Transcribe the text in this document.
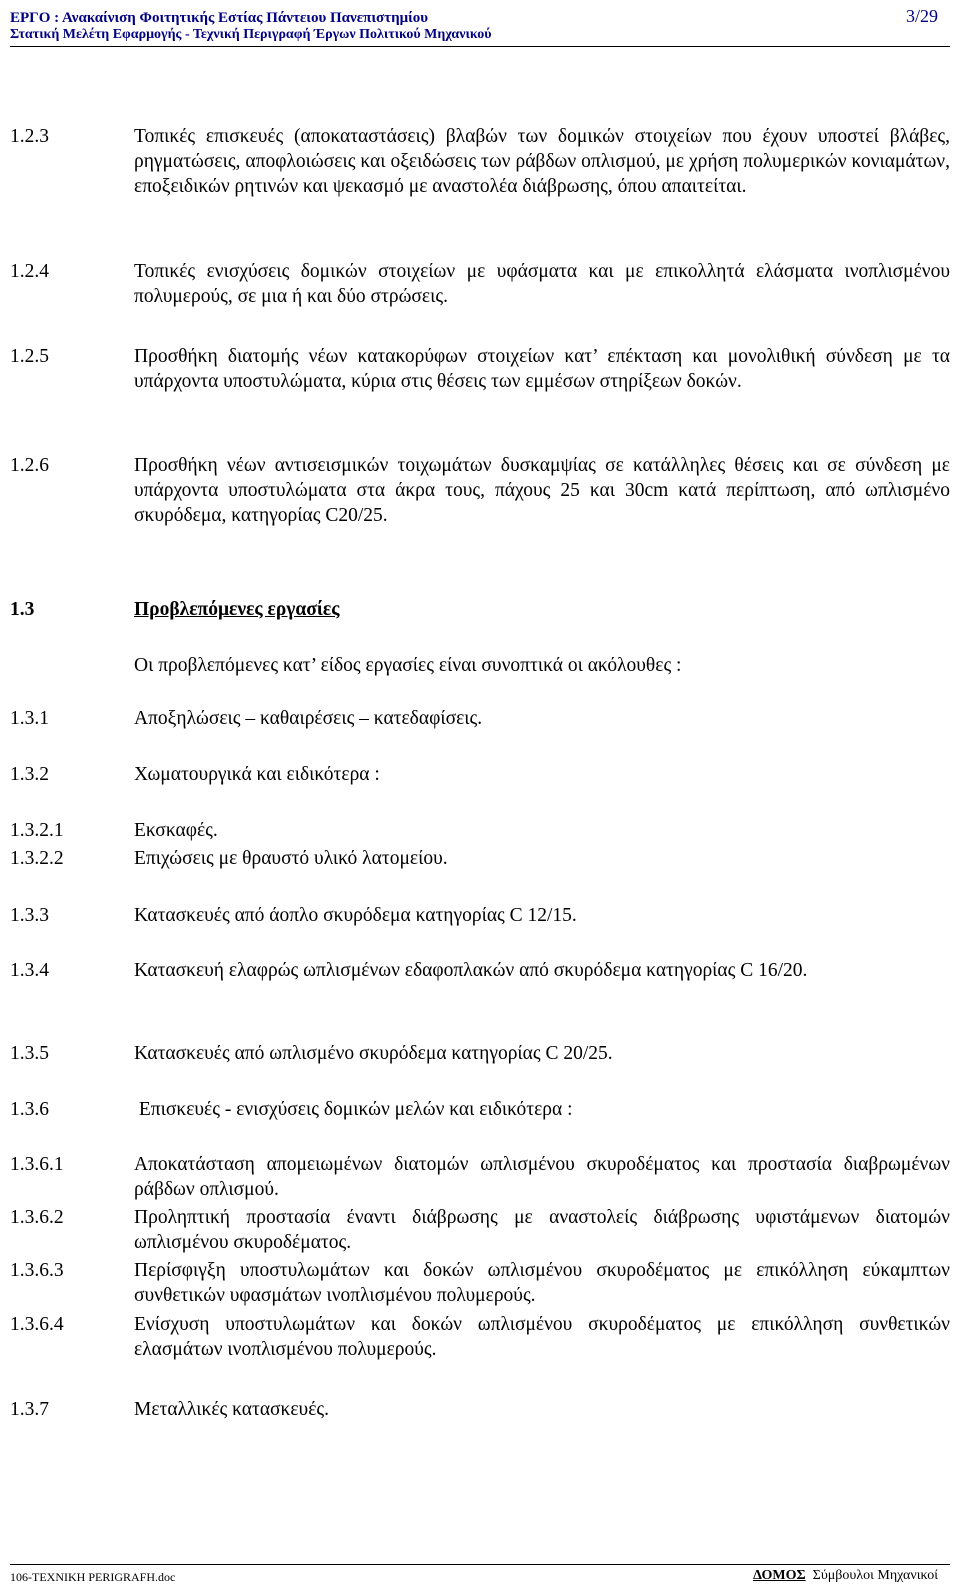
ΕΡΓΟ : Ανακαίνιση Φοιτητικής Εστίας Πάντειου Πανεπιστημίου	3/29
Στατική Μελέτη Εφαρμογής - Τεχνική Περιγραφή Έργων Πολιτικού Μηχανικού
1.2.3	Τοπικές επισκευές (αποκαταστάσεις) βλαβών των δομικών στοιχείων που έχουν υποστεί βλάβες, ρηγματώσεις, αποφλοιώσεις και οξειδώσεις των ράβδων οπλισμού, με χρήση πολυμερικών κονιαμάτων, εποξειδικών ρητινών και ψεκασμό με αναστολέα διάβρωσης, όπου απαιτείται.
1.2.4	Τοπικές ενισχύσεις δομικών στοιχείων με υφάσματα και με επικολλητά ελάσματα ινοπλισμένου πολυμερούς, σε μια ή και δύο στρώσεις.
1.2.5	Προσθήκη διατομής νέων κατακορύφων στοιχείων κατ’ επέκταση και μονολιθική σύνδεση με τα υπάρχοντα υποστυλώματα, κύρια στις θέσεις των εμμέσων στηρίξεων δοκών.
1.2.6	Προσθήκη νέων αντισεισμικών τοιχωμάτων δυσκαμψίας σε κατάλληλες θέσεις και σε σύνδεση με υπάρχοντα υποστυλώματα στα άκρα τους, πάχους 25 και 30cm κατά περίπτωση, από ωπλισμένο σκυρόδεμα, κατηγορίας C20/25.
1.3	Προβλεπόμενες εργασίες
Οι προβλεπόμενες κατ’ είδος εργασίες είναι συνοπτικά οι ακόλουθες :
1.3.1	Αποξηλώσεις – καθαιρέσεις – κατεδαφίσεις.
1.3.2	Χωματουργικά και ειδικότερα :
1.3.2.1	Εκσκαφές.
1.3.2.2	Επιχώσεις με θραυστό υλικό λατομείου.
1.3.3	Κατασκευές από άοπλο σκυρόδεμα κατηγορίας C 12/15.
1.3.4	Κατασκευή ελαφρώς ωπλισμένων εδαφοπλακών από σκυρόδεμα κατηγορίας C 16/20.
1.3.5	Κατασκευές από ωπλισμένο σκυρόδεμα κατηγορίας C 20/25.
1.3.6	Επισκευές - ενισχύσεις δομικών μελών και ειδικότερα :
1.3.6.1	Αποκατάσταση απομειωμένων διατομών ωπλισμένου σκυροδέματος και προστασία διαβρωμένων ράβδων οπλισμού.
1.3.6.2	Προληπτική προστασία έναντι διάβρωσης με αναστολείς διάβρωσης υφιστάμενων διατομών ωπλισμένου σκυροδέματος.
1.3.6.3	Περίσφιγξη υποστυλωμάτων και δοκών ωπλισμένου σκυροδέματος με επικόλληση εύκαμπτων συνθετικών υφασμάτων ινοπλισμένου πολυμερούς.
1.3.6.4	Ενίσχυση υποστυλωμάτων και δοκών ωπλισμένου σκυροδέματος με επικόλληση συνθετικών ελασμάτων ινοπλισμένου πολυμερούς.
1.3.7	Μεταλλικές κατασκευές.
106-ΤΕΧΝΙΚΗ PERIGRAFH.doc	ΔΟΜΟΣ Σύμβουλοι Μηχανικοί
